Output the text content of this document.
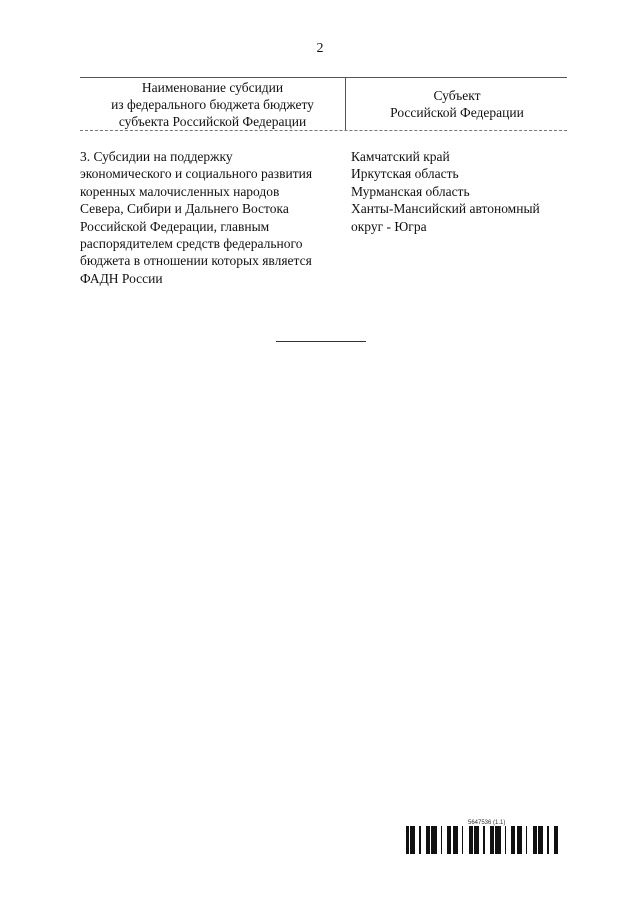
2
Наименование субсидии
из федерального бюджета бюджету
субъекта Российской Федерации
Субъект
Российской Федерации
3. Субсидии на поддержку
экономического и социального развития
коренных малочисленных народов
Севера, Сибири и Дальнего Востока
Российской Федерации, главным
распорядителем средств федерального
бюджета в отношении которых является
ФАДН России
Камчатский край
Иркутская область
Мурманская область
Ханты-Мансийский автономный
округ - Югра
5647536 (1.1)
